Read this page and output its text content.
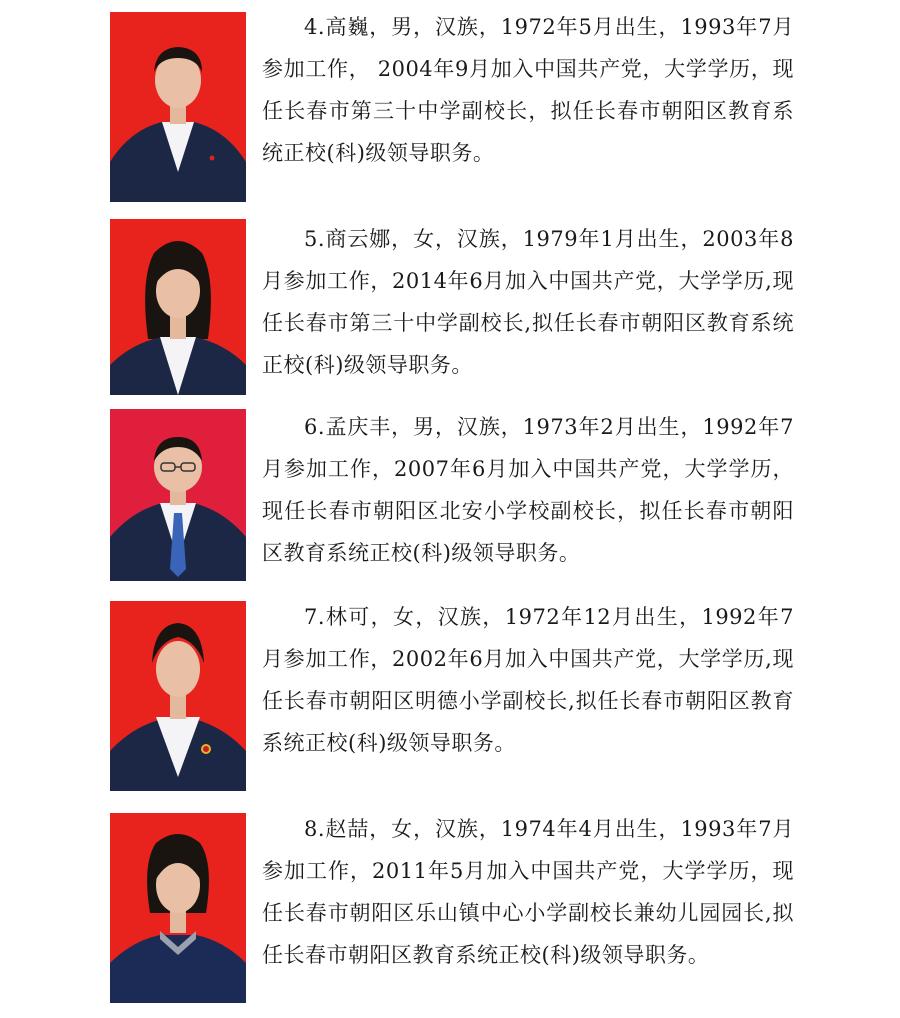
4.高巍，男，汉族，1972年5月出生，1993年7月参加工作， 2004年9月加入中国共产党，大学学历，现任长春市第三十中学副校长，拟任长春市朝阳区教育系统正校(科)级领导职务。

5.商云娜，女，汉族，1979年1月出生，2003年8月参加工作，2014年6月加入中国共产党，大学学历,现任长春市第三十中学副校长,拟任长春市朝阳区教育系统正校(科)级领导职务。

6.孟庆丰，男，汉族，1973年2月出生，1992年7月参加工作，2007年6月加入中国共产党，大学学历，现任长春市朝阳区北安小学校副校长，拟任长春市朝阳区教育系统正校(科)级领导职务。

7.林可，女，汉族，1972年12月出生，1992年7月参加工作，2002年6月加入中国共产党，大学学历,现任长春市朝阳区明德小学副校长,拟任长春市朝阳区教育系统正校(科)级领导职务。

8.赵喆，女，汉族，1974年4月出生，1993年7月参加工作，2011年5月加入中国共产党，大学学历，现任长春市朝阳区乐山镇中心小学副校长兼幼儿园园长,拟任长春市朝阳区教育系统正校(科)级领导职务。
